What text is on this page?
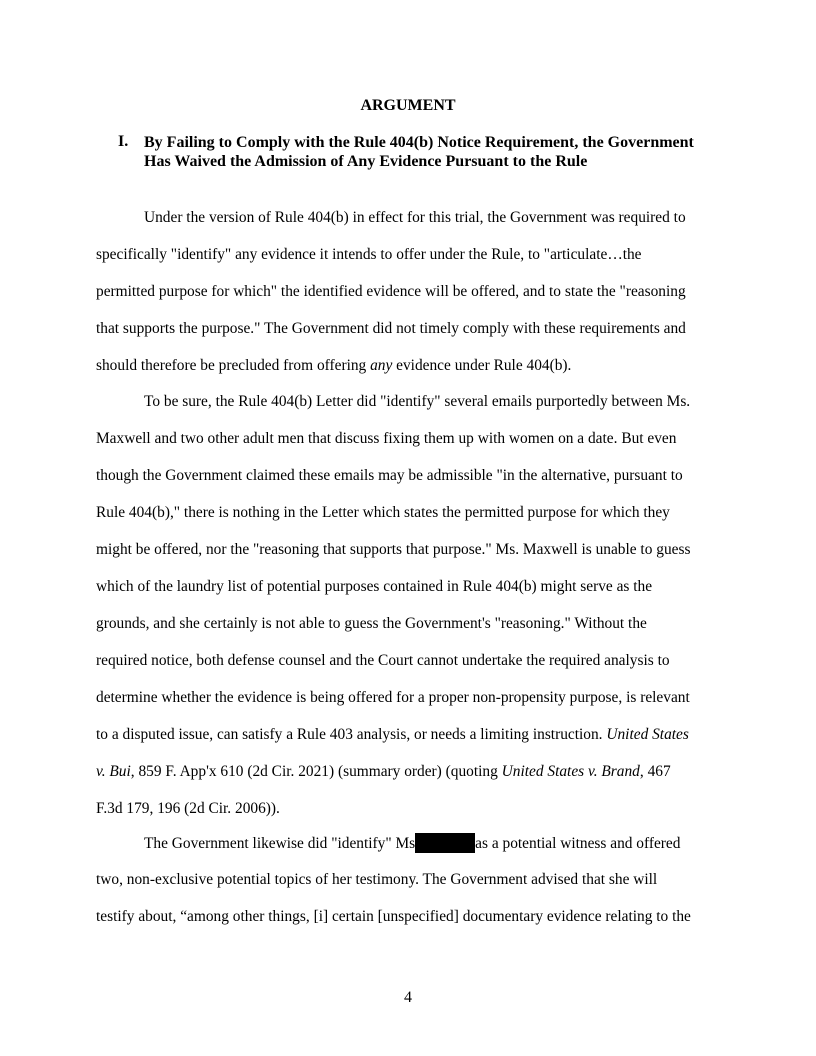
ARGUMENT
I. By Failing to Comply with the Rule 404(b) Notice Requirement, the Government Has Waived the Admission of Any Evidence Pursuant to the Rule
Under the version of Rule 404(b) in effect for this trial, the Government was required to
specifically "identify" any evidence it intends to offer under the Rule, to "articulate…the
permitted purpose for which" the identified evidence will be offered, and to state the "reasoning
that supports the purpose." The Government did not timely comply with these requirements and
should therefore be precluded from offering any evidence under Rule 404(b).
To be sure, the Rule 404(b) Letter did "identify" several emails purportedly between Ms.
Maxwell and two other adult men that discuss fixing them up with women on a date. But even
though the Government claimed these emails may be admissible "in the alternative, pursuant to
Rule 404(b)," there is nothing in the Letter which states the permitted purpose for which they
might be offered, nor the "reasoning that supports that purpose." Ms. Maxwell is unable to guess
which of the laundry list of potential purposes contained in Rule 404(b) might serve as the
grounds, and she certainly is not able to guess the Government's "reasoning." Without the
required notice, both defense counsel and the Court cannot undertake the required analysis to
determine whether the evidence is being offered for a proper non-propensity purpose, is relevant
to a disputed issue, can satisfy a Rule 403 analysis, or needs a limiting instruction. United States
v. Bui, 859 F. App'x 610 (2d Cir. 2021) (summary order) (quoting United States v. Brand, 467
F.3d 179, 196 (2d Cir. 2006)).
The Government likewise did "identify" Ms	as a potential witness and offered
two, non-exclusive potential topics of her testimony. The Government advised that she will
testify about, “among other things, [i] certain [unspecified] documentary evidence relating to the
4
